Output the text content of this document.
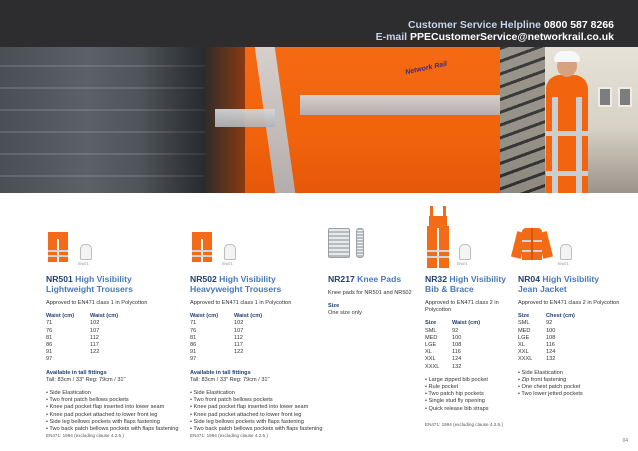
Customer Service Helpline 0800 587 8266
E-mail PPECustomerService@networkrail.co.uk
Network Rail
EN471
NR501 High Visibility
Lightweight Trousers
Approved to EN471 class 1 in Polycotton
Waist (cm)	Waist (cm)
71	102
76	107
81	112
86	117
91	122
97
Available in tall fittings
Tall: 83cm / 33" Reg: 79cm / 31"
• Side Elastication
• Two front patch bellows pockets
• Knee pad pocket flap inserted into lower seam
• Knee pad pocket attached to lower front leg
• Side leg bellows pockets with flaps fastening
• Two back patch bellows pockets with flaps fastening
EN471: 1994 (excluding clause 4.2.5.)
EN471
NR502 High Visibility
Heavyweight Trousers
Approved to EN471 class 1 in Polycotton
Waist (cm)	Waist (cm)
71	102
76	107
81	112
86	117
91	122
97
Available in tall fittings
Tall: 83cm / 33" Reg: 79cm / 31"
• Side Elastication
• Two front patch bellows pockets
• Knee pad pocket flap inserted into lower seam
• Knee pad pocket attached to lower front leg
• Side leg bellows pockets with flaps fastening
• Two back patch bellows pockets with flaps fastening
EN471: 1994 (excluding clause 4.2.5.)
NR217 Knee Pads
Knee pads for NR501 and NR502
Size
One size only
EN471
NR32 High Visibility
Bib & Brace
Approved to EN471 class 2 in Polycotton
Size	Waist (cm)
SML	92
MED	100
LGE	108
XL	116
XXL	124
XXXL	132
• Large zipped bib pocket
• Rule pocket
• Two patch hip pockets
• Single stud fly opening
• Quick release bib straps
EN471: 1994 (excluding clause 4.2.5.)
EN471
NR04 High Visibility
Jean Jacket
Approved to EN471 class 2 in Polycotton
Size	Chest (cm)
SML	92
MED	100
LGE	108
XL	116
XXL	124
XXXL	132
• Side Elastication
• Zip front fastening
• One chest patch pocket
• Two lower jetted pockets
04
